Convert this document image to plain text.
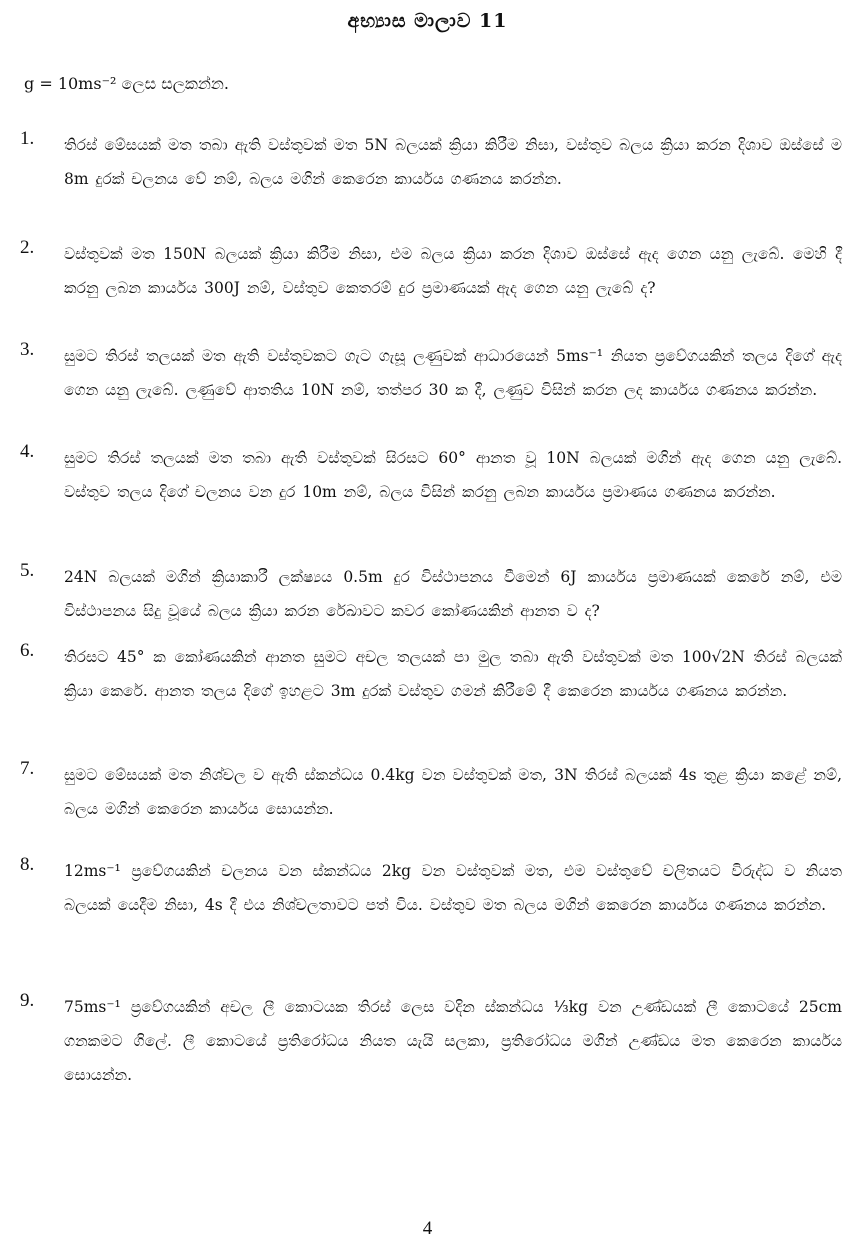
අභ්‍යාස මාලාව 11
g = 10ms⁻² ලෙස සලකන්න.
1. තිරස් මේසයක් මත තබා ඇති වස්තුවක් මත 5N බලයක් ක්‍රියා කිරීම නිසා, වස්තුව බලය ක්‍රියා කරන දිශාව ඔස්සේ ම 8m දුරක් චලනය වේ නම්, බලය මගින් කෙරෙන කාර්යය ගණනය කරන්න.
2. වස්තුවක් මත 150N බලයක් ක්‍රියා කිරීම නිසා, එම බලය ක්‍රියා කරන දිශාව ඔස්සේ ඇද ගෙන යනු ලැබේ. මෙහි දී කරනු ලබන කාර්යය 300J නම්, වස්තුව කෙතරම් දුර ප්‍රමාණයක් ඇද ගෙන යනු ලැබේ ද?
3. සුමට තිරස් තලයක් මත ඇති වස්තුවකට ගැට ගැසූ ලණුවක් ආධාරයෙන් 5ms⁻¹ නියත ප්‍රවේගයකින් තලය දිගේ ඇද ගෙන යනු ලැබේ. ලණුවේ ආතතිය 10N නම්, තත්පර 30 ක දී, ලණුව විසින් කරන ලද කාර්යය ගණනය කරන්න.
4. සුමට තිරස් තලයක් මත තබා ඇති වස්තුවක් සිරසට 60° ආනත වූ 10N බලයක් මගින් ඇද ගෙන යනු ලැබේ. වස්තුව තලය දිගේ චලනය වන දුර 10m නම්, බලය විසින් කරනු ලබන කාර්යය ප්‍රමාණය ගණනය කරන්න.
5. 24N බලයක් මගින් ක්‍රියාකාරී ලක්ෂ්‍යය 0.5m දුර විස්ථාපනය වීමෙන් 6J කාර්යය ප්‍රමාණයක් කෙරේ නම්, එම විස්ථාපනය සිදු වූයේ බලය ක්‍රියා කරන රේඛාවට කවර කෝණයකින් ආනත ව ද?
6. තිරසට 45° ක කෝණයකින් ආනත සුමට අචල තලයක් පා මුල තබා ඇති වස්තුවක් මත 100√2N තිරස් බලයක් ක්‍රියා කෙරේ. ආනත තලය දිගේ ඉහළට 3m දුරක් වස්තුව ගමන් කිරීමේ දී කෙරෙන කාර්යය ගණනය කරන්න.
7. සුමට මේසයක් මත නිශ්චල ව ඇති ස්කන්ධය 0.4kg වන වස්තුවක් මත, 3N තිරස් බලයක් 4s තුළ ක්‍රියා කළේ නම්, බලය මගින් කෙරෙන කාර්යය සොයන්න.
8. 12ms⁻¹ ප්‍රවේගයකින් චලනය වන ස්කන්ධය 2kg වන වස්තුවක් මත, එම වස්තුවේ චලිතයට විරුද්ධ ව නියත බලයක් යෙදීම නිසා, 4s දී එය නිශ්චලතාවට පත් විය. වස්තුව මත බලය මගින් කෙරෙන කාර්යය ගණනය කරන්න.
9. 75ms⁻¹ ප්‍රවේගයකින් අචල ලී කොටයක තිරස් ලෙස වදින ස්කන්ධය ⅓kg වන උණ්ඩයක් ලී කොටයේ 25cm ගනකමට ගිලේ. ලී කොටයේ ප්‍රතිරෝධය නියත යැයි සලකා, ප්‍රතිරෝධය මගින් උණ්ඩය මත කෙරෙන කාර්යය සොයන්න.
4
